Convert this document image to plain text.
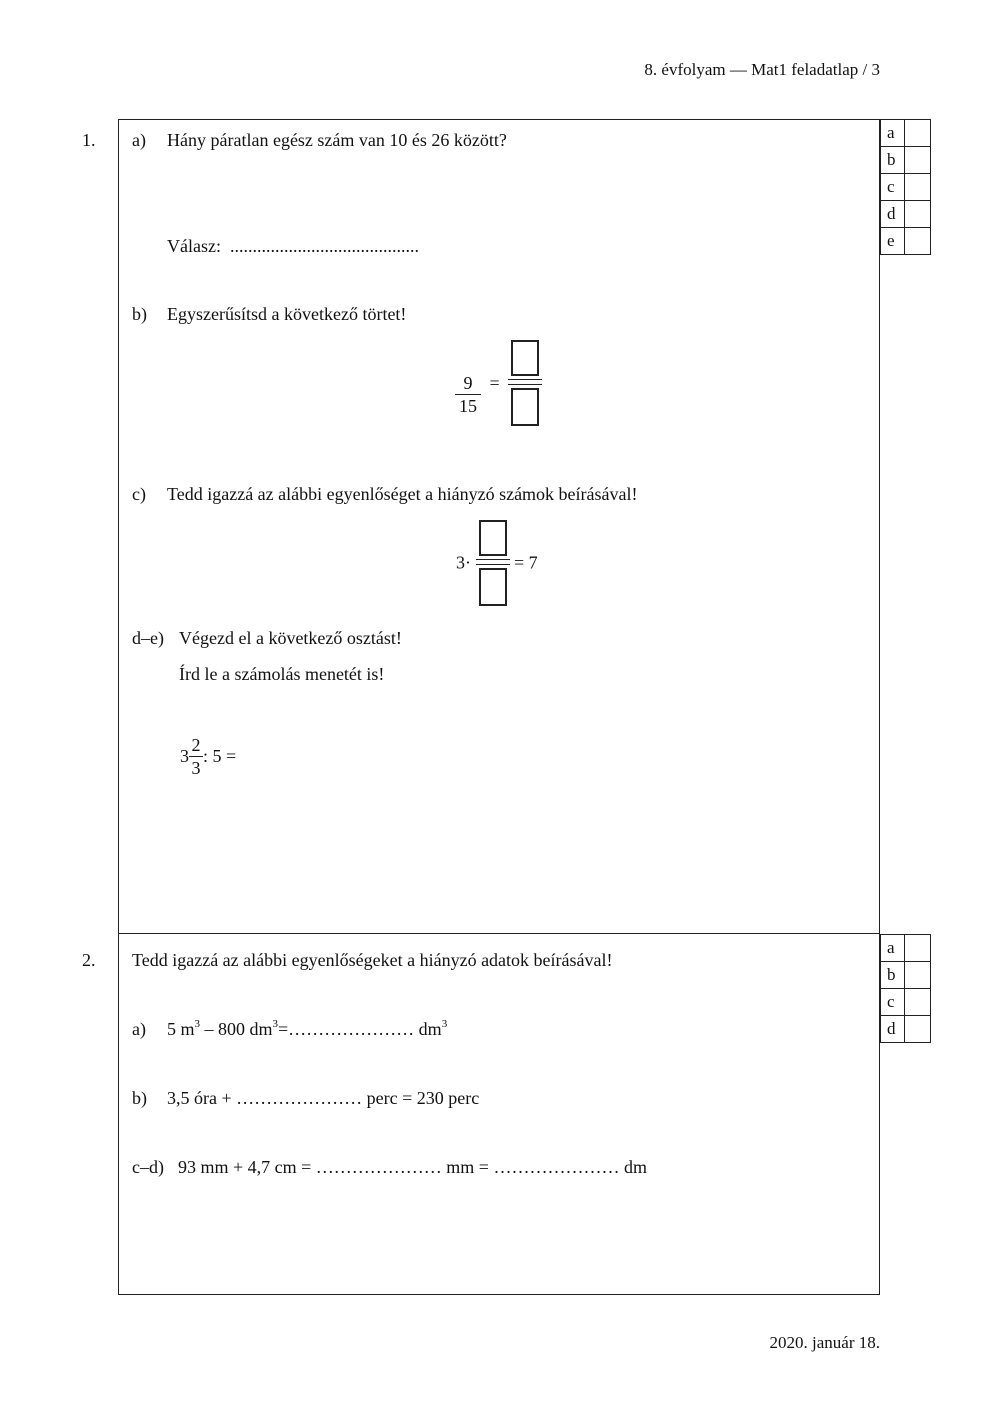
8. évfolyam — Mat1 feladatlap / 3
1.	a	
b	
c	
d	
e	
a) Hány páratlan egész szám van 10 és 26 között?
Válasz: ..........................................
b) Egyszerűsítsd a következő törtet!
$\frac{9}{15}$ =
c) Tedd igazzá az alábbi egyenlőséget a hiányzó számok beírásával!
3· = 7
d–e) Végezd el a következő osztást!
Írd le a számolás menetét is!
$3 \frac{2}{3}$ : 5 =
2.
a	
b	
c	
d	
Tedd igazzá az alábbi egyenlőségeket a hiányzó adatok beírásával!
a) 5 $m^3 - 800$ $dm^3=\dots\dots\dots\dots\dots\dots\dots$ $dm^3$
b) 3,5 óra + ………………… perc = 230 perc
c–d) 93 mm + 4,7 cm = ………………… mm = ………………… dm
2020. január 18.
